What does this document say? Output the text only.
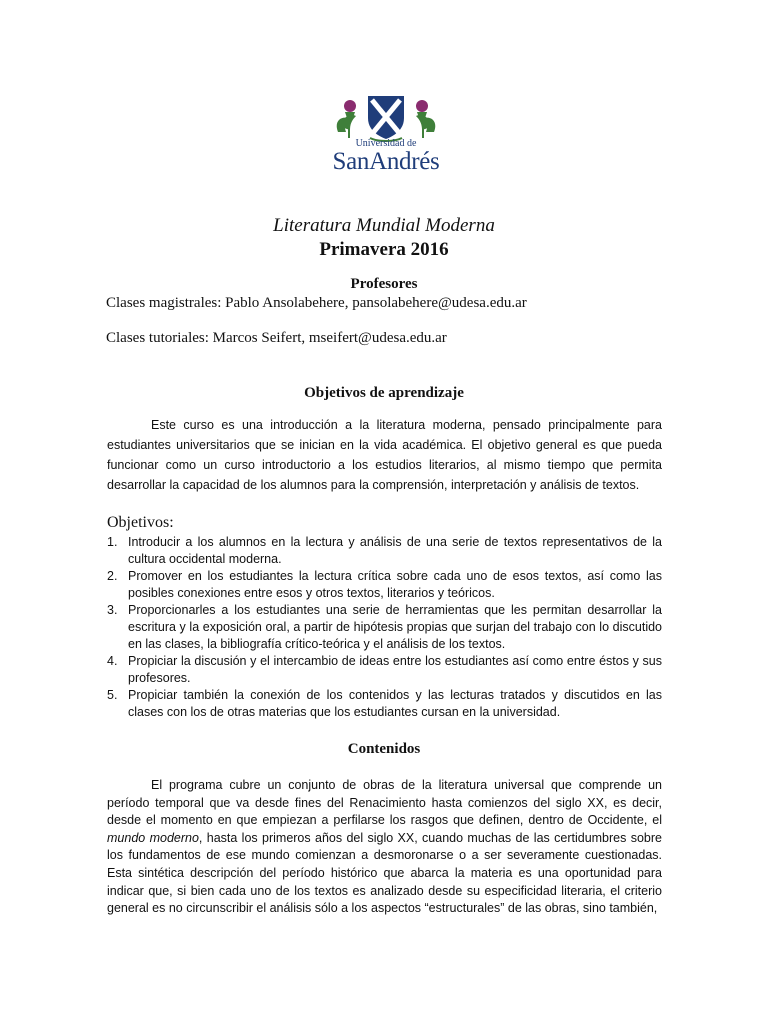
Universidad de
SanAndrés
Literatura Mundial Moderna
Primavera 2016
Profesores
Clases magistrales: Pablo Ansolabehere, pansolabehere@udesa.edu.ar
Clases tutoriales: Marcos Seifert, mseifert@udesa.edu.ar
Objetivos de aprendizaje
Este curso es una introducción a la literatura moderna, pensado principalmente para estudiantes universitarios que se inician en la vida académica. El objetivo general es que pueda funcionar como un curso introductorio a los estudios literarios, al mismo tiempo que permita desarrollar la capacidad de los alumnos para la comprensión, interpretación y análisis de textos.
Objetivos:
1. Introducir a los alumnos en la lectura y análisis de una serie de textos representativos de la cultura occidental moderna.
2. Promover en los estudiantes la lectura crítica sobre cada uno de esos textos, así como las posibles conexiones entre esos y otros textos, literarios y teóricos.
3. Proporcionarles a los estudiantes una serie de herramientas que les permitan desarrollar la escritura y la exposición oral, a partir de hipótesis propias que surjan del trabajo con lo discutido en las clases, la bibliografía crítico-teórica y el análisis de los textos.
4. Propiciar la discusión y el intercambio de ideas entre los estudiantes así como entre éstos y sus profesores.
5. Propiciar también la conexión de los contenidos y las lecturas tratados y discutidos en las clases con los de otras materias que los estudiantes cursan en la universidad.
Contenidos
El programa cubre un conjunto de obras de la literatura universal que comprende un período temporal que va desde fines del Renacimiento hasta comienzos del siglo XX, es decir, desde el momento en que empiezan a perfilarse los rasgos que definen, dentro de Occidente, el mundo moderno, hasta los primeros años del siglo XX, cuando muchas de las certidumbres sobre los fundamentos de ese mundo comienzan a desmoronarse o a ser severamente cuestionadas. Esta sintética descripción del período histórico que abarca la materia es una oportunidad para indicar que, si bien cada uno de los textos es analizado desde su especificidad literaria, el criterio general es no circunscribir el análisis sólo a los aspectos “estructurales” de las obras, sino también,
